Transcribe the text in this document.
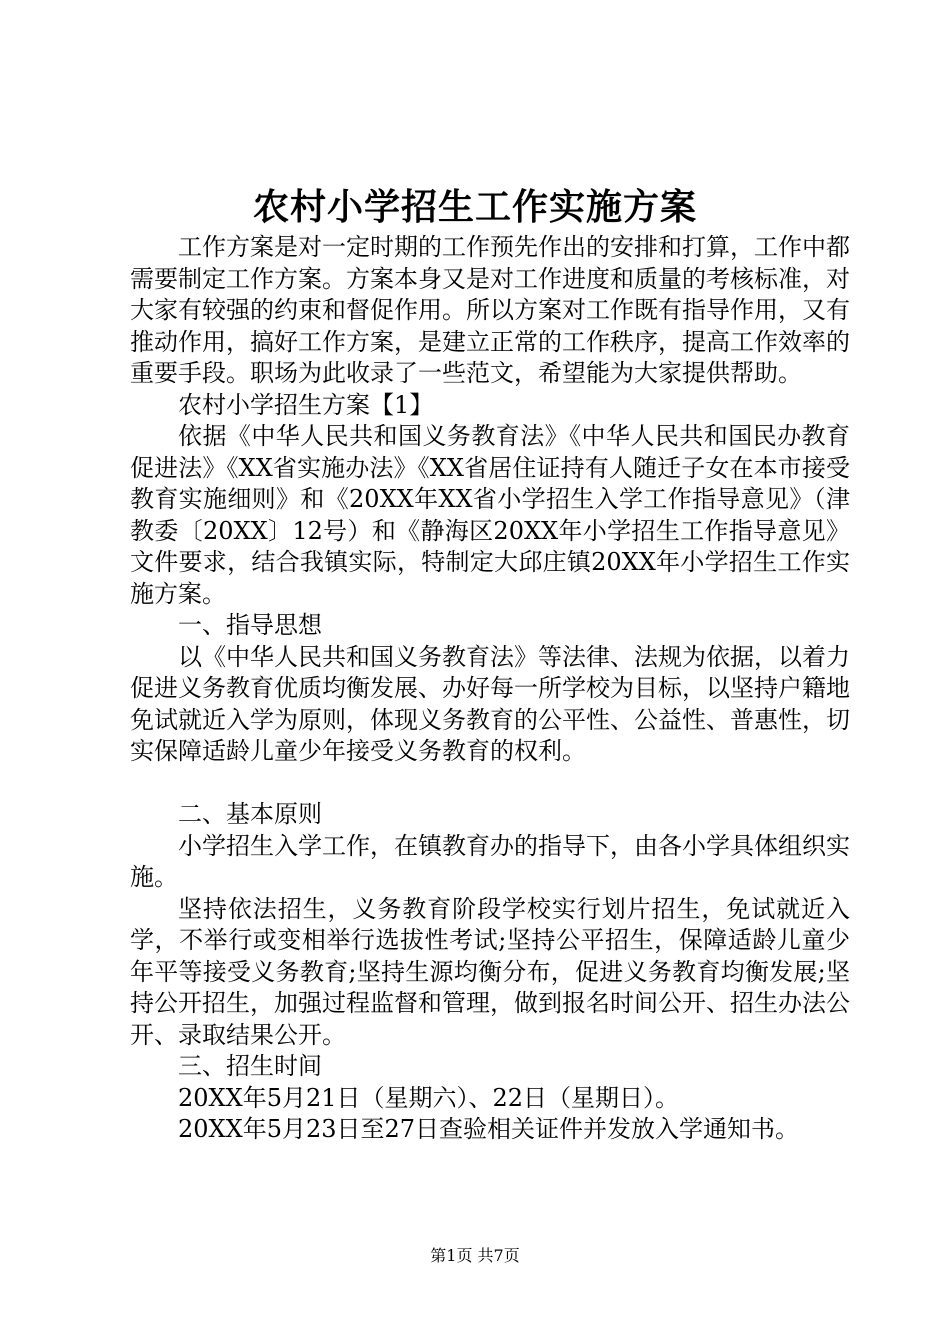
农村小学招生工作实施方案

工作方案是对一定时期的工作预先作出的安排和打算，工作中都需要制定工作方案。方案本身又是对工作进度和质量的考核标准，对大家有较强的约束和督促作用。所以方案对工作既有指导作用，又有推动作用，搞好工作方案，是建立正常的工作秩序，提高工作效率的重要手段。职场为此收录了一些范文，希望能为大家提供帮助。

农村小学招生方案【1】

依据《中华人民共和国义务教育法》《中华人民共和国民办教育促进法》《XX省实施办法》《XX省居住证持有人随迁子女在本市接受教育实施细则》和《20XX年XX省小学招生入学工作指导意见》（津教委〔20XX〕12号）和《静海区20XX年小学招生工作指导意见》文件要求，结合我镇实际，特制定大邱庄镇20XX年小学招生工作实施方案。

一、指导思想

以《中华人民共和国义务教育法》等法律、法规为依据，以着力促进义务教育优质均衡发展、办好每一所学校为目标，以坚持户籍地免试就近入学为原则，体现义务教育的公平性、公益性、普惠性，切实保障适龄儿童少年接受义务教育的权利。

二、基本原则

小学招生入学工作，在镇教育办的指导下，由各小学具体组织实施。

坚持依法招生，义务教育阶段学校实行划片招生，免试就近入学，不举行或变相举行选拔性考试;坚持公平招生，保障适龄儿童少年平等接受义务教育;坚持生源均衡分布，促进义务教育均衡发展;坚持公开招生，加强过程监督和管理，做到报名时间公开、招生办法公开、录取结果公开。

三、招生时间

20XX年5月21日（星期六）、22日（星期日）。

20XX年5月23日至27日查验相关证件并发放入学通知书。

第1页 共7页
